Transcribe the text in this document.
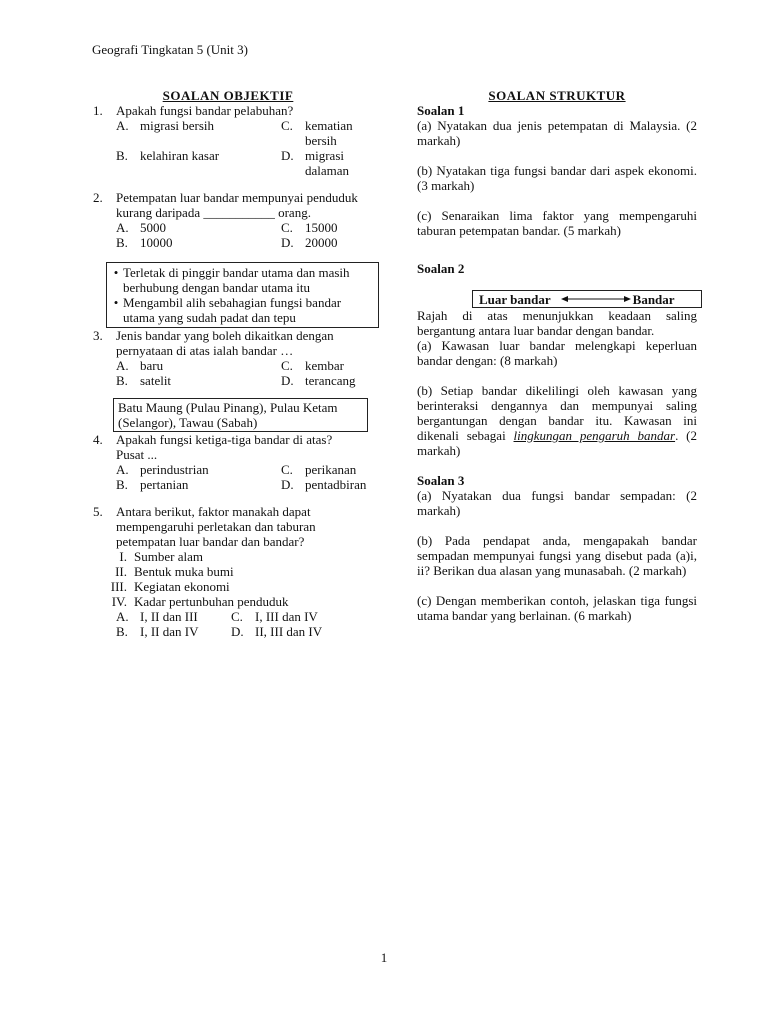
Geografi Tingkatan 5 (Unit 3)
SOALAN OBJEKTIF
1.	Apakah fungsi bandar pelabuhan?
A. migrasi bersih	C. kematian bersih
B. kelahiran kasar	D. migrasi dalaman
2.	Petempatan luar bandar mempunyai penduduk kurang daripada ___________ orang.
A. 5000	C. 15000
B. 10000	D. 20000
• Terletak di pinggir bandar utama dan masih berhubung dengan bandar utama itu
• Mengambil alih sebahagian fungsi bandar utama yang sudah padat dan tepu
3.	Jenis bandar yang boleh dikaitkan dengan pernyataan di atas ialah bandar …
A. baru	C. kembar
B. satelit	D. terancang
Batu Maung (Pulau Pinang), Pulau Ketam (Selangor), Tawau (Sabah)
4.	Apakah fungsi ketiga-tiga bandar di atas? Pusat ...
A. perindustrian	C. perikanan
B. pertanian	D. pentadbiran
5.	Antara berikut, faktor manakah dapat mempengaruhi perletakan dan taburan petempatan luar bandar dan bandar?
I. Sumber alam
II. Bentuk muka bumi
III. Kegiatan ekonomi
IV. Kadar pertunbuhan penduduk
A. I, II dan III	C. I, III dan IV
B. I, II dan IV	D. II, III dan IV
SOALAN STRUKTUR
Soalan 1
(a) Nyatakan dua jenis petempatan di Malaysia. (2 markah)
(b) Nyatakan tiga fungsi bandar dari aspek ekonomi. (3 markah)
(c) Senaraikan lima faktor yang mempengaruhi taburan petempatan bandar. (5 markah)
Soalan 2
Luar bandar	Bandar
Rajah di atas menunjukkan keadaan saling bergantung antara luar bandar dengan bandar.
(a) Kawasan luar bandar melengkapi keperluan bandar dengan: (8 markah)
(b) Setiap bandar dikelilingi oleh kawasan yang berinteraksi dengannya dan mempunyai saling bergantungan dengan bandar itu. Kawasan ini dikenali sebagai lingkungan pengaruh bandar. (2 markah)
Soalan 3
(a) Nyatakan dua fungsi bandar sempadan: (2 markah)
(b) Pada pendapat anda, mengapakah bandar sempadan mempunyai fungsi yang disebut pada (a)i, ii? Berikan dua alasan yang munasabah. (2 markah)
(c) Dengan memberikan contoh, jelaskan tiga fungsi utama bandar yang berlainan. (6 markah)
1
